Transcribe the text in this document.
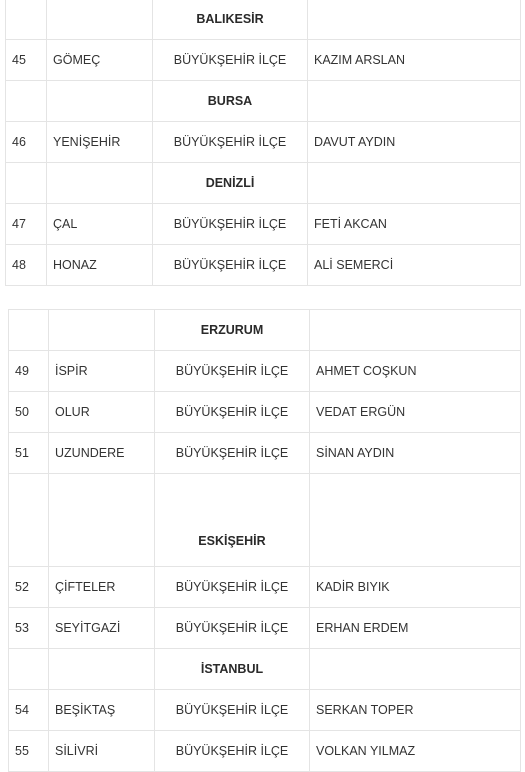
		BALIKESİR	
45	GÖMEÇ	BÜYÜKŞEHİR İLÇE	KAZIM ARSLAN
		BURSA	
46	YENİŞEHİR	BÜYÜKŞEHİR İLÇE	DAVUT AYDIN
		DENİZLİ	
47	ÇAL	BÜYÜKŞEHİR İLÇE	FETİ AKCAN
48	HONAZ	BÜYÜKŞEHİR İLÇE	ALİ SEMERCİ
		ERZURUM	
49	İSPİR	BÜYÜKŞEHİR İLÇE	AHMET COŞKUN
50	OLUR	BÜYÜKŞEHİR İLÇE	VEDAT ERGÜN
51	UZUNDERE	BÜYÜKŞEHİR İLÇE	SİNAN AYDIN
		ESKİŞEHİR	
52	ÇİFTELER	BÜYÜKŞEHİR İLÇE	KADİR BIYIK
53	SEYİTGAZİ	BÜYÜKŞEHİR İLÇE	ERHAN ERDEM
		İSTANBUL	
54	BEŞİKTAŞ	BÜYÜKŞEHİR İLÇE	SERKAN TOPER
55	SİLİVRİ	BÜYÜKŞEHİR İLÇE	VOLKAN YILMAZ
